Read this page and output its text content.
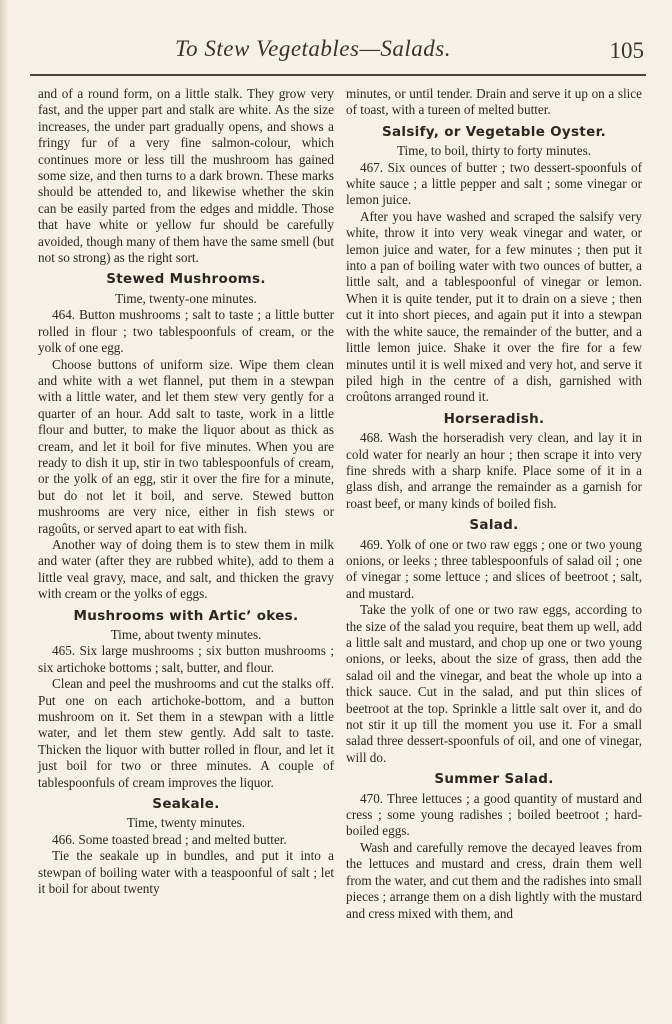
To Stew Vegetables—Salads.	105

and of a round form, on a little stalk. They grow very fast, and the upper part and stalk are white. As the size increases, the under part gradually opens, and shows a fringy fur of a very fine salmon-colour, which continues more or less till the mushroom has gained some size, and then turns to a dark brown. These marks should be attended to, and likewise whether the skin can be easily parted from the edges and middle. Those that have white or yellow fur should be carefully avoided, though many of them have the same smell (but not so strong) as the right sort.

Stewed Mushrooms.

Time, twenty-one minutes.

464. Button mushrooms ; salt to taste ; a little butter rolled in flour ; two tablespoonfuls of cream, or the yolk of one egg.

Choose buttons of uniform size. Wipe them clean and white with a wet flannel, put them in a stewpan with a little water, and let them stew very gently for a quarter of an hour. Add salt to taste, work in a little flour and butter, to make the liquor about as thick as cream, and let it boil for five minutes. When you are ready to dish it up, stir in two tablespoonfuls of cream, or the yolk of an egg, stir it over the fire for a minute, but do not let it boil, and serve. Stewed button mushrooms are very nice, either in fish stews or ragoûts, or served apart to eat with fish.

Another way of doing them is to stew them in milk and water (after they are rubbed white), add to them a little veal gravy, mace, and salt, and thicken the gravy with cream or the yolks of eggs.

Mushrooms with Articʼ okes.

Time, about twenty minutes.

465. Six large mushrooms ; six button mushrooms ; six artichoke bottoms ; salt, butter, and flour.

Clean and peel the mushrooms and cut the stalks off. Put one on each artichoke-bottom, and a button mushroom on it. Set them in a stewpan with a little water, and let them stew gently. Add salt to taste. Thicken the liquor with butter rolled in flour, and let it just boil for two or three minutes. A couple of tablespoonfuls of cream improves the liquor.

Seakale.

Time, twenty minutes.

466. Some toasted bread ; and melted butter.

Tie the seakale up in bundles, and put it into a stewpan of boiling water with a teaspoonful of salt ; let it boil for about twenty

minutes, or until tender. Drain and serve it up on a slice of toast, with a tureen of melted butter.

Salsify, or Vegetable Oyster.

Time, to boil, thirty to forty minutes.

467. Six ounces of butter ; two dessert-spoonfuls of white sauce ; a little pepper and salt ; some vinegar or lemon juice.

After you have washed and scraped the salsify very white, throw it into very weak vinegar and water, or lemon juice and water, for a few minutes ; then put it into a pan of boiling water with two ounces of butter, a little salt, and a tablespoonful of vinegar or lemon. When it is quite tender, put it to drain on a sieve ; then cut it into short pieces, and again put it into a stewpan with the white sauce, the remainder of the butter, and a little lemon juice. Shake it over the fire for a few minutes until it is well mixed and very hot, and serve it piled high in the centre of a dish, garnished with croûtons arranged round it.

Horseradish.

468. Wash the horseradish very clean, and lay it in cold water for nearly an hour ; then scrape it into very fine shreds with a sharp knife. Place some of it in a glass dish, and arrange the remainder as a garnish for roast beef, or many kinds of boiled fish.

Salad.

469. Yolk of one or two raw eggs ; one or two young onions, or leeks ; three tablespoonfuls of salad oil ; one of vinegar ; some lettuce ; and slices of beetroot ; salt, and mustard.

Take the yolk of one or two raw eggs, according to the size of the salad you require, beat them up well, add a little salt and mustard, and chop up one or two young onions, or leeks, about the size of grass, then add the salad oil and the vinegar, and beat the whole up into a thick sauce. Cut in the salad, and put thin slices of beetroot at the top. Sprinkle a little salt over it, and do not stir it up till the moment you use it. For a small salad three dessert-spoonfuls of oil, and one of vinegar, will do.

Summer Salad.

470. Three lettuces ; a good quantity of mustard and cress ; some young radishes ; boiled beetroot ; hard-boiled eggs.

Wash and carefully remove the decayed leaves from the lettuces and mustard and cress, drain them well from the water, and cut them and the radishes into small pieces ; arrange them on a dish lightly with the mustard and cress mixed with them, and
